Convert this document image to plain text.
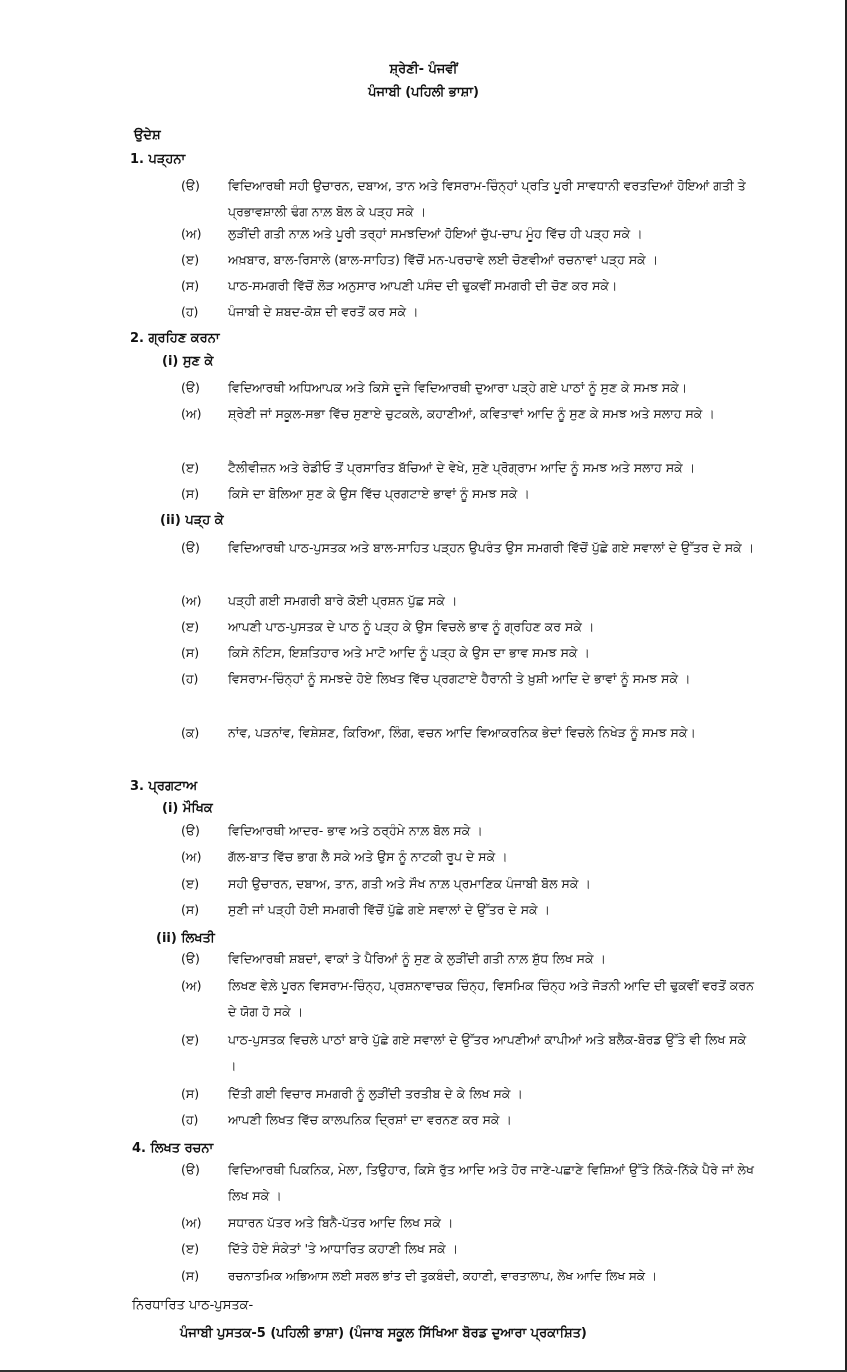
ਸ਼੍ਰੇਣੀ- ਪੰਜਵੀਂ
ਪੰਜਾਬੀ (ਪਹਿਲੀ ਭਾਸ਼ਾ)
ਉਦੇਸ਼
1. ਪੜ੍ਹਨਾ
(ੳ) ਵਿਦਿਆਰਥੀ ਸਹੀ ਉਚਾਰਨ, ਦਬਾਅ, ਤਾਨ ਅਤੇ ਵਿਸਰਾਮ-ਚਿੰਨ੍ਹਾਂ ਪ੍ਰਤਿ ਪੂਰੀ ਸਾਵਧਾਨੀ ਵਰਤਦਿਆਂ ਹੋਇਆਂ ਗਤੀ ਤੇ ਪ੍ਰਭਾਵਸ਼ਾਲੀ ਢੰਗ ਨਾਲ਼ ਬੋਲ ਕੇ ਪੜ੍ਹ ਸਕੇ ।
(ਅ) ਲੁੜੀਂਦੀ ਗਤੀ ਨਾਲ਼ ਅਤੇ ਪੂਰੀ ਤਰ੍ਹਾਂ ਸਮਝਦਿਆਂ ਹੋਇਆਂ ਚੁੱਪ-ਚਾਪ ਮੂੰਹ ਵਿੱਚ ਹੀ ਪੜ੍ਹ ਸਕੇ ।
(ੲ) ਅਖ਼ਬਾਰ, ਬਾਲ-ਰਿਸਾਲੇ (ਬਾਲ-ਸਾਹਿਤ) ਵਿੱਚੋਂ ਮਨ-ਪਰਚਾਵੇ ਲਈ ਚੋਣਵੀਆਂ ਰਚਨਾਵਾਂ ਪੜ੍ਹ ਸਕੇ ।
(ਸ) ਪਾਠ-ਸਮਗਰੀ ਵਿੱਚੋਂ ਲੋੜ ਅਨੁਸਾਰ ਆਪਣੀ ਪਸੰਦ ਦੀ ਢੁਕਵੀਂ ਸਮਗਰੀ ਦੀ ਚੋਣ ਕਰ ਸਕੇ।
(ਹ) ਪੰਜਾਬੀ ਦੇ ਸ਼ਬਦ-ਕੋਸ਼ ਦੀ ਵਰਤੋਂ ਕਰ ਸਕੇ ।
2. ਗ੍ਰਹਿਣ ਕਰਨਾ
(i) ਸੁਣ ਕੇ
(ੳ) ਵਿਦਿਆਰਥੀ ਅਧਿਆਪਕ ਅਤੇ ਕਿਸੇ ਦੂਜੇ ਵਿਦਿਆਰਥੀ ਦੁਆਰਾ ਪੜ੍ਹੇ ਗਏ ਪਾਠਾਂ ਨੂੰ ਸੁਣ ਕੇ ਸਮਝ ਸਕੇ।
(ਅ) ਸ਼੍ਰੇਣੀ ਜਾਂ ਸਕੂਲ-ਸਭਾ ਵਿੱਚ ਸੁਣਾਏ ਚੁਟਕਲੇ, ਕਹਾਣੀਆਂ, ਕਵਿਤਾਵਾਂ ਆਦਿ ਨੂੰ ਸੁਣ ਕੇ ਸਮਝ ਅਤੇ ਸਲਾਹ ਸਕੇ ।
(ੲ) ਟੈਲੀਵੀਜ਼ਨ ਅਤੇ ਰੇਡੀਓ ਤੋਂ ਪ੍ਰਸਾਰਿਤ ਬੱਚਿਆਂ ਦੇ ਵੇਖੇ, ਸੁਣੇ ਪ੍ਰੋਗ੍ਰਾਮ ਆਦਿ ਨੂੰ ਸਮਝ ਅਤੇ ਸਲਾਹ ਸਕੇ ।
(ਸ) ਕਿਸੇ ਦਾ ਬੋਲਿਆ ਸੁਣ ਕੇ ਉਸ ਵਿੱਚ ਪ੍ਰਗਟਾਏ ਭਾਵਾਂ ਨੂੰ ਸਮਝ ਸਕੇ ।
(ii) ਪੜ੍ਹ ਕੇ
(ੳ) ਵਿਦਿਆਰਥੀ ਪਾਠ-ਪੁਸਤਕ ਅਤੇ ਬਾਲ-ਸਾਹਿਤ ਪੜ੍ਹਨ ਉਪਰੰਤ ਉਸ ਸਮਗਰੀ ਵਿੱਚੋਂ ਪੁੱਛੇ ਗਏ ਸਵਾਲਾਂ ਦੇ ਉੱਤਰ ਦੇ ਸਕੇ ।
(ਅ) ਪੜ੍ਹੀ ਗਈ ਸਮਗਰੀ ਬਾਰੇ ਕੋਈ ਪ੍ਰਸ਼ਨ ਪੁੱਛ ਸਕੇ ।
(ੲ) ਆਪਣੀ ਪਾਠ-ਪੁਸਤਕ ਦੇ ਪਾਠ ਨੂੰ ਪੜ੍ਹ ਕੇ ਉਸ ਵਿਚਲੇ ਭਾਵ ਨੂੰ ਗ੍ਰਹਿਣ ਕਰ ਸਕੇ ।
(ਸ) ਕਿਸੇ ਨੋਟਿਸ, ਇਸ਼ਤਿਹਾਰ ਅਤੇ ਮਾਟੋ ਆਦਿ ਨੂੰ ਪੜ੍ਹ ਕੇ ਉਸ ਦਾ ਭਾਵ ਸਮਝ ਸਕੇ ।
(ਹ) ਵਿਸਰਾਮ-ਚਿੰਨ੍ਹਾਂ ਨੂੰ ਸਮਝਦੇ ਹੋਏ ਲਿਖਤ ਵਿੱਚ ਪ੍ਰਗਟਾਏ ਹੈਰਾਨੀ ਤੇ ਖ਼ੁਸ਼ੀ ਆਦਿ ਦੇ ਭਾਵਾਂ ਨੂੰ ਸਮਝ ਸਕੇ ।
(ਕ) ਨਾਂਵ, ਪੜਨਾਂਵ, ਵਿਸ਼ੇਸ਼ਣ, ਕਿਰਿਆ, ਲਿੰਗ, ਵਚਨ ਆਦਿ ਵਿਆਕਰਨਿਕ ਭੇਦਾਂ ਵਿਚਲੇ ਨਿਖੇੜ ਨੂੰ ਸਮਝ ਸਕੇ।
3. ਪ੍ਰਗਟਾਅ
(i) ਮੌਖਿਕ
(ੳ) ਵਿਦਿਆਰਥੀ ਆਦਰ- ਭਾਵ ਅਤੇ ਠਰ੍ਹੰਮੇ ਨਾਲ਼ ਬੋਲ ਸਕੇ ।
(ਅ) ਗੱਲ-ਬਾਤ ਵਿੱਚ ਭਾਗ ਲੈ ਸਕੇ ਅਤੇ ਉਸ ਨੂੰ ਨਾਟਕੀ ਰੂਪ ਦੇ ਸਕੇ ।
(ੲ) ਸਹੀ ਉਚਾਰਨ, ਦਬਾਅ, ਤਾਨ, ਗਤੀ ਅਤੇ ਸੌਖ ਨਾਲ਼ ਪ੍ਰਮਾਣਿਕ ਪੰਜਾਬੀ ਬੋਲ ਸਕੇ ।
(ਸ) ਸੁਣੀ ਜਾਂ ਪੜ੍ਹੀ ਹੋਈ ਸਮਗਰੀ ਵਿੱਚੋਂ ਪੁੱਛੇ ਗਏ ਸਵਾਲਾਂ ਦੇ ਉੱਤਰ ਦੇ ਸਕੇ ।
(ii) ਲਿਖਤੀ
(ੳ) ਵਿਦਿਆਰਥੀ ਸ਼ਬਦਾਂ, ਵਾਕਾਂ ਤੇ ਪੈਰਿਆਂ ਨੂੰ ਸੁਣ ਕੇ ਲੁੜੀਂਦੀ ਗਤੀ ਨਾਲ਼ ਸ਼ੁੱਧ ਲਿਖ ਸਕੇ ।
(ਅ) ਲਿਖਣ ਵੇਲ਼ੇ ਪੂਰਨ ਵਿਸਰਾਮ-ਚਿੰਨ੍ਹ, ਪ੍ਰਸ਼ਨਾਵਾਚਕ ਚਿੰਨ੍ਹ, ਵਿਸਮਿਕ ਚਿੰਨ੍ਹ ਅਤੇ ਜੋੜਨੀ ਆਦਿ ਦੀ ਢੁਕਵੀਂ ਵਰਤੋਂ ਕਰਨ ਦੇ ਯੋਗ ਹੋ ਸਕੇ ।
(ੲ) ਪਾਠ-ਪੁਸਤਕ ਵਿਚਲੇ ਪਾਠਾਂ ਬਾਰੇ ਪੁੱਛੇ ਗਏ ਸਵਾਲਾਂ ਦੇ ਉੱਤਰ ਆਪਣੀਆਂ ਕਾਪੀਆਂ ਅਤੇ ਬਲੈਕ-ਬੋਰਡ ਉੱਤੇ ਵੀ ਲਿਖ ਸਕੇ ।
(ਸ) ਦਿੱਤੀ ਗਈ ਵਿਚਾਰ ਸਮਗਰੀ ਨੂੰ ਲੁੜੀਂਦੀ ਤਰਤੀਬ ਦੇ ਕੇ ਲਿਖ ਸਕੇ ।
(ਹ) ਆਪਣੀ ਲਿਖਤ ਵਿੱਚ ਕਾਲਪਨਿਕ ਦ੍ਰਿਸ਼ਾਂ ਦਾ ਵਰਨਣ ਕਰ ਸਕੇ ।
4. ਲਿਖਤ ਰਚਨਾ
(ੳ) ਵਿਦਿਆਰਥੀ ਪਿਕਨਿਕ, ਮੇਲਾ, ਤਿਉਹਾਰ, ਕਿਸੇ ਰੁੱਤ ਆਦਿ ਅਤੇ ਹੋਰ ਜਾਣੇ-ਪਛਾਣੇ ਵਿਸ਼ਿਆਂ ਉੱਤੇ ਨਿੱਕੇ-ਨਿੱਕੇ ਪੈਰੇ ਜਾਂ ਲੇਖ ਲਿਖ ਸਕੇ ।
(ਅ) ਸਧਾਰਨ ਪੱਤਰ ਅਤੇ ਬਿਨੈ-ਪੱਤਰ ਆਦਿ ਲਿਖ ਸਕੇ ।
(ੲ) ਦਿੱਤੇ ਹੋਏ ਸੰਕੇਤਾਂ 'ਤੇ ਆਧਾਰਿਤ ਕਹਾਣੀ ਲਿਖ ਸਕੇ ।
(ਸ) ਰਚਨਾਤਮਿਕ ਅਭਿਆਸ ਲਈ ਸਰਲ ਭਾਂਤ ਦੀ ਤੁਕਬੰਦੀ, ਕਹਾਣੀ, ਵਾਰਤਾਲਾਪ, ਲੇਖ ਆਦਿ ਲਿਖ ਸਕੇ ।
ਨਿਰਧਾਰਿਤ ਪਾਠ-ਪੁਸਤਕ-
ਪੰਜਾਬੀ ਪੁਸਤਕ-5 (ਪਹਿਲੀ ਭਾਸ਼ਾ) (ਪੰਜਾਬ ਸਕੂਲ ਸਿੱਖਿਆ ਬੋਰਡ ਦੁਆਰਾ ਪ੍ਰਕਾਸ਼ਿਤ)
